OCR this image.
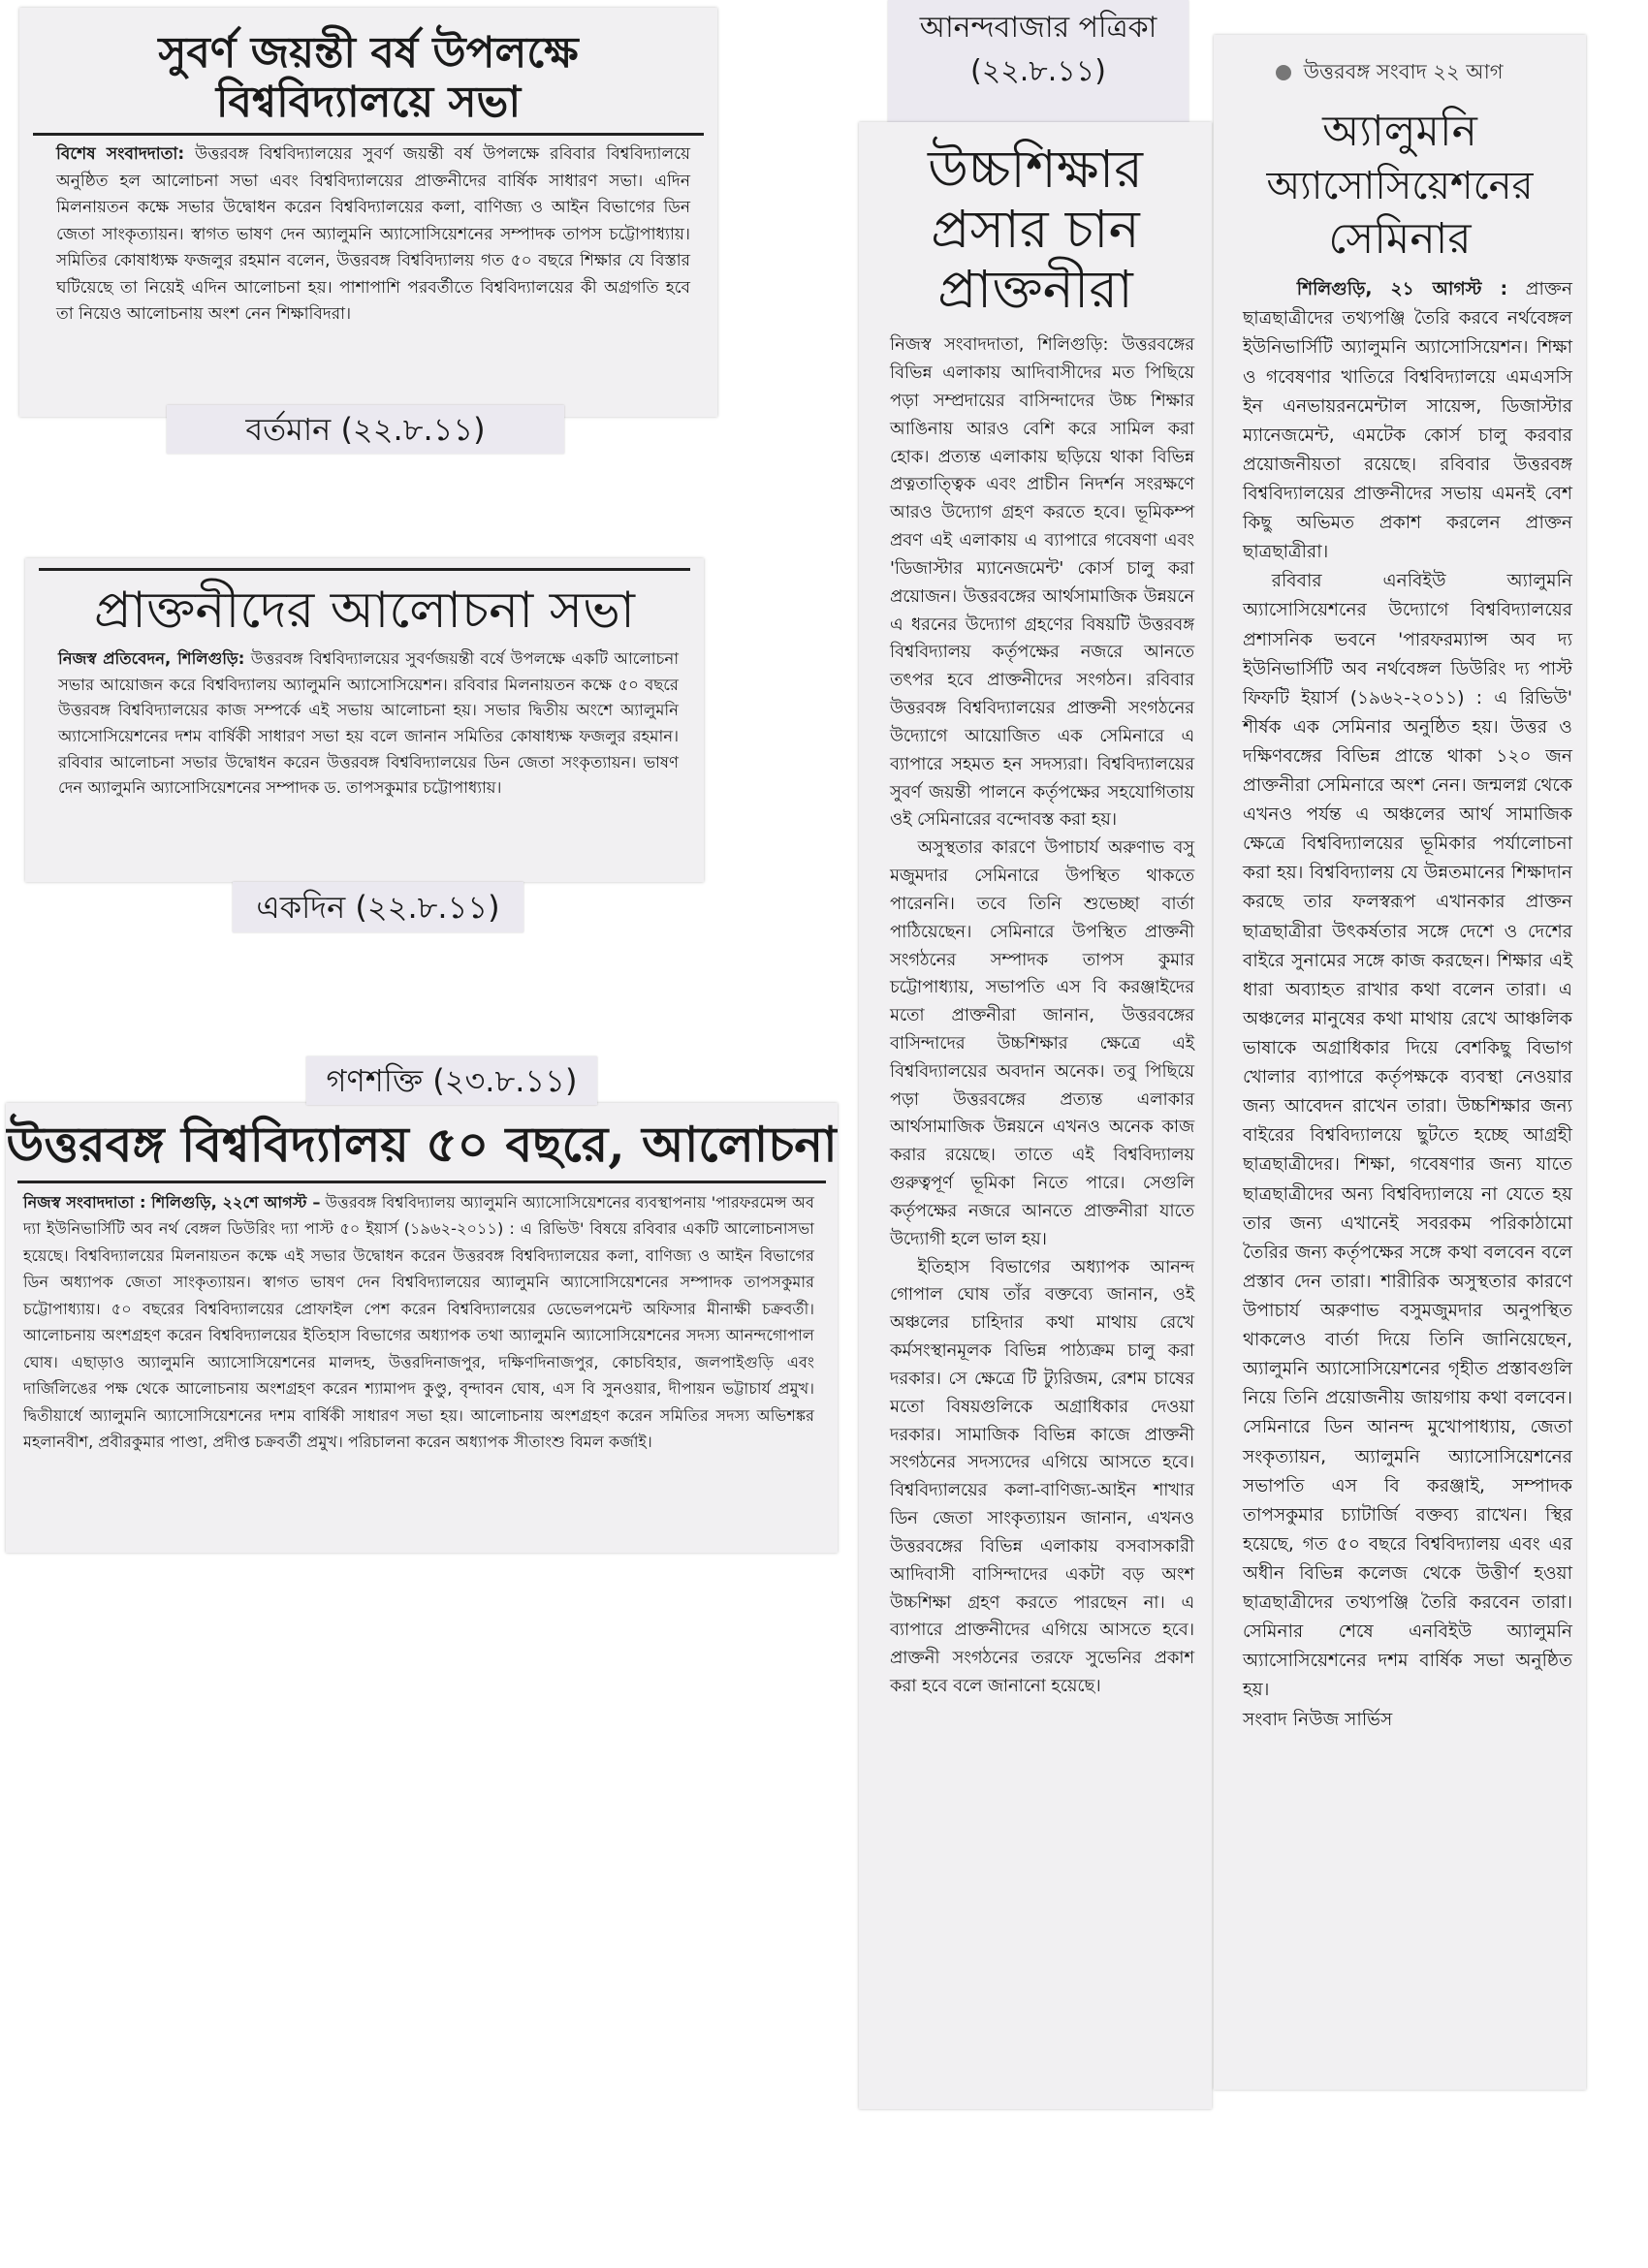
সুবর্ণ জয়ন্তী বর্ষ উপলক্ষে

বিশ্ববিদ্যালয়ে সভা

বিশেষ সংবাদদাতা: উত্তরবঙ্গ বিশ্ববিদ্যালয়ের সুবর্ণ জয়ন্তী বর্ষ উপলক্ষে রবিবার বিশ্ববিদ্যালয়ে অনুষ্ঠিত হল আলোচনা সভা এবং বিশ্ববিদ্যালয়ের প্রাক্তনীদের বার্ষিক সাধারণ সভা। এদিন মিলনায়তন কক্ষে সভার উদ্বোধন করেন বিশ্ববিদ্যালয়ের কলা, বাণিজ্য ও আইন বিভাগের ডিন জেতা সাংকৃত্যায়ন। স্বাগত ভাষণ দেন অ্যালুমনি অ্যাসোসিয়েশনের সম্পাদক তাপস চট্টোপাধ্যায়। সমিতির কোষাধ্যক্ষ ফজলুর রহমান বলেন, উত্তরবঙ্গ বিশ্ববিদ্যালয় গত ৫০ বছরে শিক্ষার যে বিস্তার ঘটিয়েছে তা নিয়েই এদিন আলোচনা হয়। পাশাপাশি পরবর্তীতে বিশ্ববিদ্যালয়ের কী অগ্রগতি হবে তা নিয়েও আলোচনায় অংশ নেন শিক্ষাবিদরা।

বর্তমান (২২.৮.১১)

প্রাক্তনীদের আলোচনা সভা

নিজস্ব প্রতিবেদন, শিলিগুড়ি: উত্তরবঙ্গ বিশ্ববিদ্যালয়ের সুবর্ণজয়ন্তী বর্ষে উপলক্ষে একটি আলোচনা সভার আয়োজন করে বিশ্ববিদ্যালয় অ্যালুমনি অ্যাসোসিয়েশন। রবিবার মিলনায়তন কক্ষে ৫০ বছরে উত্তরবঙ্গ বিশ্ববিদ্যালয়ের কাজ সম্পর্কে এই সভায় আলোচনা হয়। সভার দ্বিতীয় অংশে অ্যালুমনি অ্যাসোসিয়েশনের দশম বার্ষিকী সাধারণ সভা হয় বলে জানান সমিতির কোষাধ্যক্ষ ফজলুর রহমান। রবিবার আলোচনা সভার উদ্বোধন করেন উত্তরবঙ্গ বিশ্ববিদ্যালয়ের ডিন জেতা সংকৃত্যায়ন। ভাষণ দেন অ্যালুমনি অ্যাসোসিয়েশনের সম্পাদক ড. তাপসকুমার চট্টোপাধ্যায়।

একদিন (২২.৮.১১)
গণশক্তি (২৩.৮.১১)

উত্তরবঙ্গ বিশ্ববিদ্যালয় ৫০ বছরে, আলোচনা

নিজস্ব সংবাদদাতা : শিলিগুড়ি, ২২শে আগস্ট – উত্তরবঙ্গ বিশ্ববিদ্যালয় অ্যালুমনি অ্যাসোসিয়েশনের ব্যবস্থাপনায় 'পারফরমেন্স অব দ্যা ইউনিভার্সিটি অব নর্থ বেঙ্গল ডিউরিং দ্যা পাস্ট ৫০ ইয়ার্স (১৯৬২-২০১১) : এ রিভিউ' বিষয়ে রবিবার একটি আলোচনাসভা হয়েছে। বিশ্ববিদ্যালয়ের মিলনায়তন কক্ষে এই সভার উদ্বোধন করেন উত্তরবঙ্গ বিশ্ববিদ্যালয়ের কলা, বাণিজ্য ও আইন বিভাগের ডিন অধ্যাপক জেতা সাংকৃত্যায়ন। স্বাগত ভাষণ দেন বিশ্ববিদ্যালয়ের অ্যালুমনি অ্যাসোসিয়েশনের সম্পাদক তাপসকুমার চট্টোপাধ্যায়। ৫০ বছরের বিশ্ববিদ্যালয়ের প্রোফাইল পেশ করেন বিশ্ববিদ্যালয়ের ডেভেলপমেন্ট অফিসার মীনাক্ষী চক্রবর্তী। আলোচনায় অংশগ্রহণ করেন বিশ্ববিদ্যালয়ের ইতিহাস বিভাগের অধ্যাপক তথা অ্যালুমনি অ্যাসোসিয়েশনের সদস্য আনন্দগোপাল ঘোষ। এছাড়াও অ্যালুমনি অ্যাসোসিয়েশনের মালদহ, উত্তরদিনাজপুর, দক্ষিণদিনাজপুর, কোচবিহার, জলপাইগুড়ি এবং দার্জিলিঙের পক্ষ থেকে আলোচনায় অংশগ্রহণ করেন শ্যামাপদ কুণ্ডু, বৃন্দাবন ঘোষ, এস বি সুনওয়ার, দীপায়ন ভট্টাচার্য প্রমুখ। দ্বিতীয়ার্ধে অ্যালুমনি অ্যাসোসিয়েশনের দশম বার্ষিকী সাধারণ সভা হয়। আলোচনায় অংশগ্রহণ করেন সমিতির সদস্য অভিশঙ্কর মহলানবীশ, প্রবীরকুমার পাণ্ডা, প্রদীপ্ত চক্রবর্তী প্রমুখ। পরিচালনা করেন অধ্যাপক সীতাংশু বিমল কর্জাই।

আনন্দবাজার পত্রিকা
(২২.৮.১১)

উচ্চশিক্ষার

প্রসার চান

প্রাক্তনীরা

নিজস্ব সংবাদদাতা, শিলিগুড়ি: উত্তরবঙ্গের বিভিন্ন এলাকায় আদিবাসীদের মত পিছিয়ে পড়া সম্প্রদায়ের বাসিন্দাদের উচ্চ শিক্ষার আঙিনায় আরও বেশি করে সামিল করা হোক। প্রত্যন্ত এলাকায় ছড়িয়ে থাকা বিভিন্ন প্রত্নতাত্ত্বিক এবং প্রাচীন নিদর্শন সংরক্ষণে আরও উদ্যোগ গ্রহণ করতে হবে। ভূমিকম্প প্রবণ এই এলাকায় এ ব্যাপারে গবেষণা এবং 'ডিজাস্টার ম্যানেজমেন্ট' কোর্স চালু করা প্রয়োজন। উত্তরবঙ্গের আর্থসামাজিক উন্নয়নে এ ধরনের উদ্যোগ গ্রহণের বিষয়টি উত্তরবঙ্গ বিশ্ববিদ্যালয় কর্তৃপক্ষের নজরে আনতে তৎপর হবে প্রাক্তনীদের সংগঠন। রবিবার উত্তরবঙ্গ বিশ্ববিদ্যালয়ের প্রাক্তনী সংগঠনের উদ্যোগে আয়োজিত এক সেমিনারে এ ব্যাপারে সহমত হন সদস্যরা। বিশ্ববিদ্যালয়ের সুবর্ণ জয়ন্তী পালনে কর্তৃপক্ষের সহযোগিতায় ওই সেমিনারের বন্দোবস্ত করা হয়।

অসুস্থতার কারণে উপাচার্য অরুণাভ বসু মজুমদার সেমিনারে উপস্থিত থাকতে পারেননি। তবে তিনি শুভেচ্ছা বার্তা পাঠিয়েছেন। সেমিনারে উপস্থিত প্রাক্তনী সংগঠনের সম্পাদক তাপস কুমার চট্টোপাধ্যায়, সভাপতি এস বি করঞ্জাইদের মতো প্রাক্তনীরা জানান, উত্তরবঙ্গের বাসিন্দাদের উচ্চশিক্ষার ক্ষেত্রে এই বিশ্ববিদ্যালয়ের অবদান অনেক। তবু পিছিয়ে পড়া উত্তরবঙ্গের প্রত্যন্ত এলাকার আর্থসামাজিক উন্নয়নে এখনও অনেক কাজ করার রয়েছে। তাতে এই বিশ্ববিদ্যালয় গুরুত্বপূর্ণ ভূমিকা নিতে পারে। সেগুলি কর্তৃপক্ষের নজরে আনতে প্রাক্তনীরা যাতে উদ্যোগী হলে ভাল হয়।

ইতিহাস বিভাগের অধ্যাপক আনন্দ গোপাল ঘোষ তাঁর বক্তব্যে জানান, ওই অঞ্চলের চাহিদার কথা মাথায় রেখে কর্মসংস্থানমূলক বিভিন্ন পাঠ্যক্রম চালু করা দরকার। সে ক্ষেত্রে টি ট্যুরিজম, রেশম চাষের মতো বিষয়গুলিকে অগ্রাধিকার দেওয়া দরকার। সামাজিক বিভিন্ন কাজে প্রাক্তনী সংগঠনের সদস্যদের এগিয়ে আসতে হবে। বিশ্ববিদ্যালয়ের কলা-বাণিজ্য-আইন শাখার ডিন জেতা সাংকৃত্যায়ন জানান, এখনও উত্তরবঙ্গের বিভিন্ন এলাকায় বসবাসকারী আদিবাসী বাসিন্দাদের একটা বড় অংশ উচ্চশিক্ষা গ্রহণ করতে পারছেন না। এ ব্যাপারে প্রাক্তনীদের এগিয়ে আসতে হবে। প্রাক্তনী সংগঠনের তরফে সুভেনির প্রকাশ করা হবে বলে জানানো হয়েছে।

উত্তরবঙ্গ সংবাদ ২২ আগ

অ্যালুমনি

অ্যাসোসিয়েশনের

সেমিনার

শিলিগুড়ি, ২১ আগস্ট : প্রাক্তন ছাত্রছাত্রীদের তথ্যপঞ্জি তৈরি করবে নর্থবেঙ্গল ইউনিভার্সিটি অ্যালুমনি অ্যাসোসিয়েশন। শিক্ষা ও গবেষণার খাতিরে বিশ্ববিদ্যালয়ে এমএসসি ইন এনভায়রনমেন্টাল সায়েন্স, ডিজাস্টার ম্যানেজমেন্ট, এমটেক কোর্স চালু করবার প্রয়োজনীয়তা রয়েছে। রবিবার উত্তরবঙ্গ বিশ্ববিদ্যালয়ের প্রাক্তনীদের সভায় এমনই বেশ কিছু অভিমত প্রকাশ করলেন প্রাক্তন ছাত্রছাত্রীরা।

রবিবার এনবিইউ অ্যালুমনি অ্যাসোসিয়েশনের উদ্যোগে বিশ্ববিদ্যালয়ের প্রশাসনিক ভবনে 'পারফরম্যান্স অব দ্য ইউনিভার্সিটি অব নর্থবেঙ্গল ডিউরিং দ্য পাস্ট ফিফটি ইয়ার্স (১৯৬২-২০১১) : এ রিভিউ' শীর্ষক এক সেমিনার অনুষ্ঠিত হয়। উত্তর ও দক্ষিণবঙ্গের বিভিন্ন প্রান্তে থাকা ১২০ জন প্রাক্তনীরা সেমিনারে অংশ নেন। জন্মলগ্ন থেকে এখনও পর্যন্ত এ অঞ্চলের আর্থ সামাজিক ক্ষেত্রে বিশ্ববিদ্যালয়ের ভূমিকার পর্যালোচনা করা হয়। বিশ্ববিদ্যালয় যে উন্নতমানের শিক্ষাদান করছে তার ফলস্বরূপ এখানকার প্রাক্তন ছাত্রছাত্রীরা উৎকর্ষতার সঙ্গে দেশে ও দেশের বাইরে সুনামের সঙ্গে কাজ করছেন। শিক্ষার এই ধারা অব্যাহত রাখার কথা বলেন তারা। এ অঞ্চলের মানুষের কথা মাথায় রেখে আঞ্চলিক ভাষাকে অগ্রাধিকার দিয়ে বেশকিছু বিভাগ খোলার ব্যাপারে কর্তৃপক্ষকে ব্যবস্থা নেওয়ার জন্য আবেদন রাখেন তারা। উচ্চশিক্ষার জন্য বাইরের বিশ্ববিদ্যালয়ে ছুটতে হচ্ছে আগ্রহী ছাত্রছাত্রীদের। শিক্ষা, গবেষণার জন্য যাতে ছাত্রছাত্রীদের অন্য বিশ্ববিদ্যালয়ে না যেতে হয় তার জন্য এখানেই সবরকম পরিকাঠামো তৈরির জন্য কর্তৃপক্ষের সঙ্গে কথা বলবেন বলে প্রস্তাব দেন তারা। শারীরিক অসুস্থতার কারণে উপাচার্য অরুণাভ বসুমজুমদার অনুপস্থিত থাকলেও বার্তা দিয়ে তিনি জানিয়েছেন, অ্যালুমনি অ্যাসোসিয়েশনের গৃহীত প্রস্তাবগুলি নিয়ে তিনি প্রয়োজনীয় জায়গায় কথা বলবেন। সেমিনারে ডিন আনন্দ মুখোপাধ্যায়, জেতা সংকৃত্যায়ন, অ্যালুমনি অ্যাসোসিয়েশনের সভাপতি এস বি করঞ্জাই, সম্পাদক তাপসকুমার চ্যাটার্জি বক্তব্য রাখেন। স্থির হয়েছে, গত ৫০ বছরে বিশ্ববিদ্যালয় এবং এর অধীন বিভিন্ন কলেজ থেকে উত্তীর্ণ হওয়া ছাত্রছাত্রীদের তথ্যপঞ্জি তৈরি করবেন তারা। সেমিনার শেষে এনবিইউ অ্যালুমনি অ্যাসোসিয়েশনের দশম বার্ষিক সভা অনুষ্ঠিত হয়।

সংবাদ নিউজ সার্ভিস
